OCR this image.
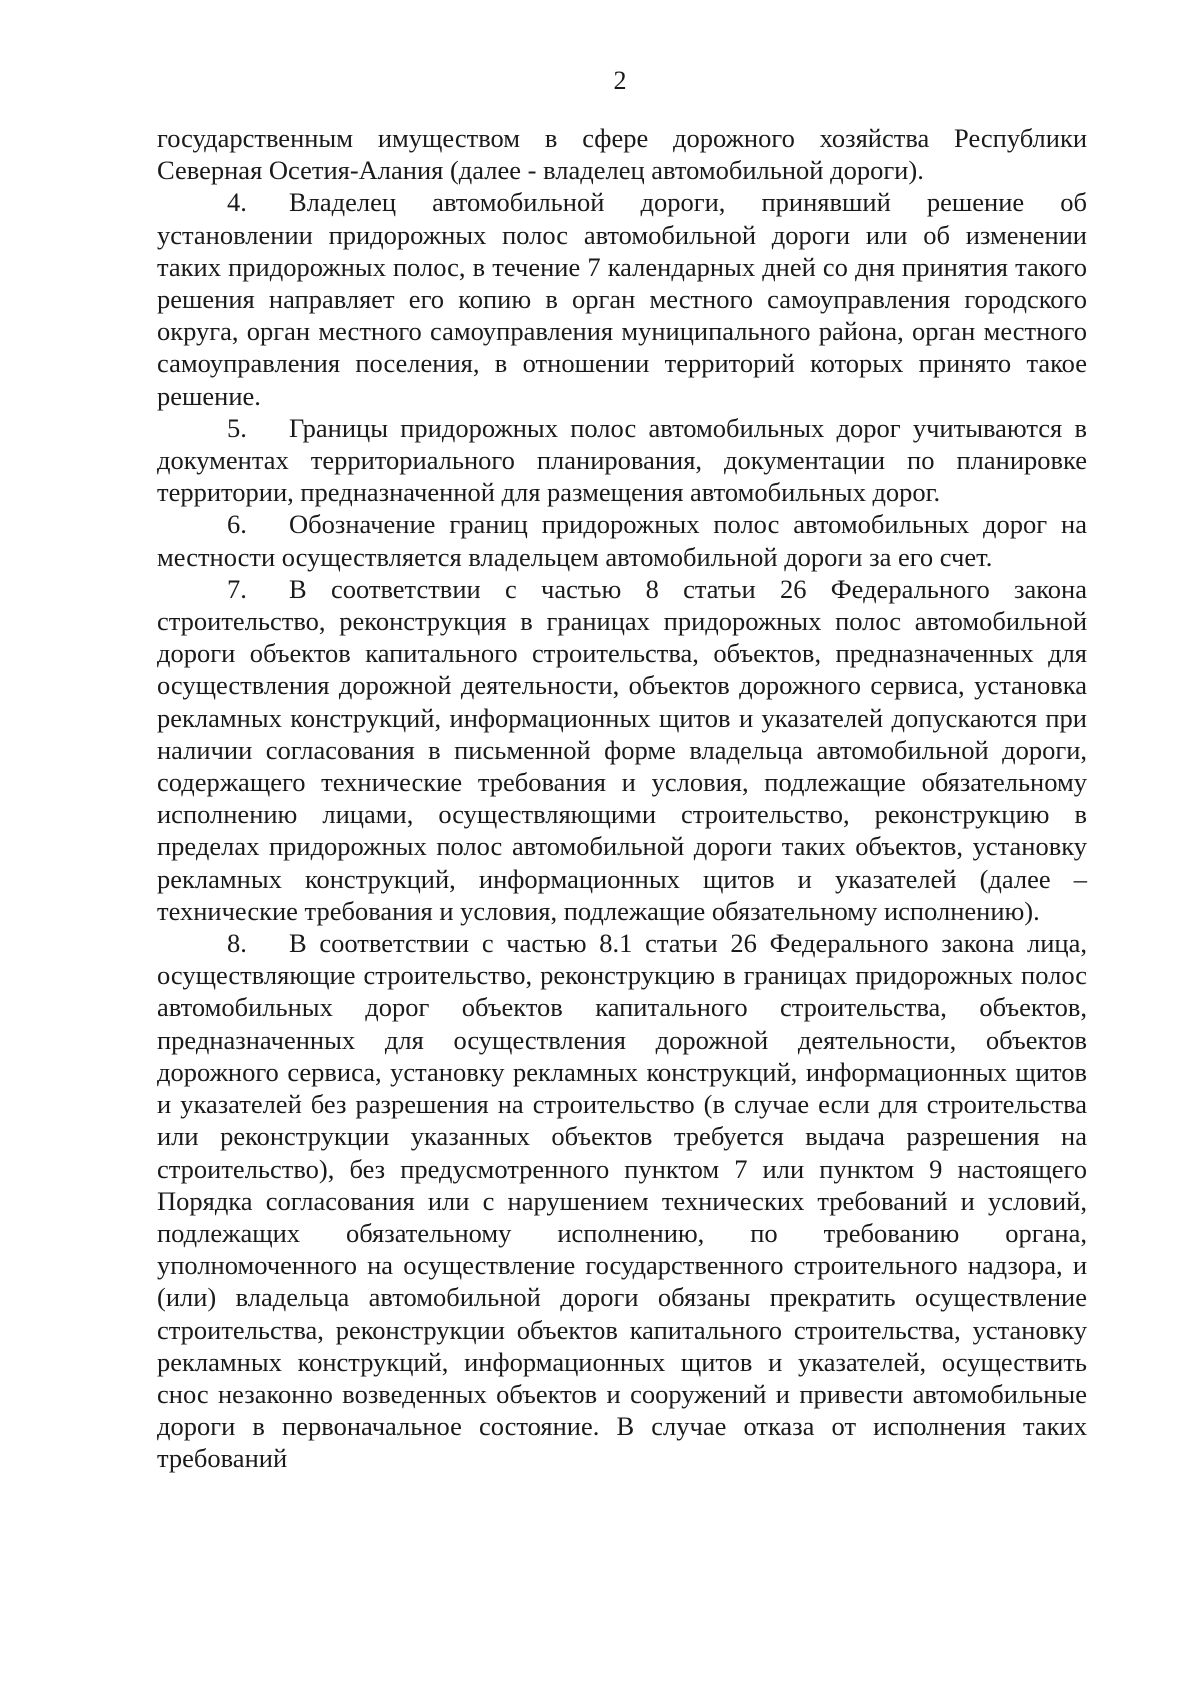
2

государственным имуществом в сфере дорожного хозяйства Республики Северная Осетия-Алания (далее - владелец автомобильной дороги).

4. Владелец автомобильной дороги, принявший решение об установлении придорожных полос автомобильной дороги или об изменении таких придорожных полос, в течение 7 календарных дней со дня принятия такого решения направляет его копию в орган местного самоуправления городского округа, орган местного самоуправления муниципального района, орган местного самоуправления поселения, в отношении территорий которых принято такое решение.

5. Границы придорожных полос автомобильных дорог учитываются в документах территориального планирования, документации по планировке территории, предназначенной для размещения автомобильных дорог.

6. Обозначение границ придорожных полос автомобильных дорог на местности осуществляется владельцем автомобильной дороги за его счет.

7. В соответствии с частью 8 статьи 26 Федерального закона строительство, реконструкция в границах придорожных полос автомобильной дороги объектов капитального строительства, объектов, предназначенных для осуществления дорожной деятельности, объектов дорожного сервиса, установка рекламных конструкций, информационных щитов и указателей допускаются при наличии согласования в письменной форме владельца автомобильной дороги, содержащего технические требования и условия, подлежащие обязательному исполнению лицами, осуществляющими строительство, реконструкцию в пределах придорожных полос автомобильной дороги таких объектов, установку рекламных конструкций, информационных щитов и указателей (далее – технические требования и условия, подлежащие обязательному исполнению).

8. В соответствии с частью 8.1 статьи 26 Федерального закона лица, осуществляющие строительство, реконструкцию в границах придорожных полос автомобильных дорог объектов капитального строительства, объектов, предназначенных для осуществления дорожной деятельности, объектов дорожного сервиса, установку рекламных конструкций, информационных щитов и указателей без разрешения на строительство (в случае если для строительства или реконструкции указанных объектов требуется выдача разрешения на строительство), без предусмотренного пунктом 7 или пунктом 9 настоящего Порядка согласования или с нарушением технических требований и условий, подлежащих обязательному исполнению, по требованию органа, уполномоченного на осуществление государственного строительного надзора, и (или) владельца автомобильной дороги обязаны прекратить осуществление строительства, реконструкции объектов капитального строительства, установку рекламных конструкций, информационных щитов и указателей, осуществить снос незаконно возведенных объектов и сооружений и привести автомобильные дороги в первоначальное состояние. В случае отказа от исполнения таких требований
